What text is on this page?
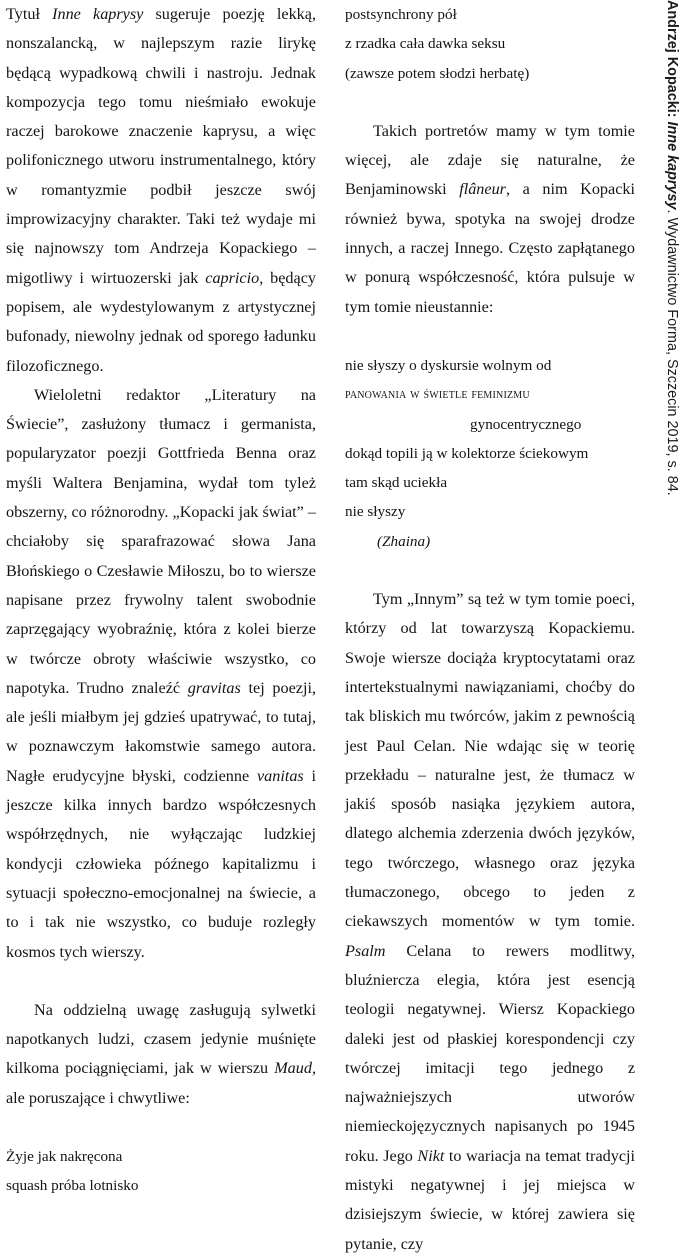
Tytuł Inne kaprysy sugeruje poezję lekką, nonszalancką, w najlepszym razie lirykę będącą wypadkową chwili i nastroju. Jednak kompozycja tego tomu nieśmiało ewokuje raczej barokowe znaczenie kaprysu, a więc polifonicznego utworu instrumentalnego, który w romantyzmie podbił jeszcze swój improwizacyjny charakter. Taki też wydaje mi się najnowszy tom Andrzeja Kopackiego – migotliwy i wirtuozerski jak capricio, będący popisem, ale wydestylowanym z artystycznej bufonady, niewolny jednak od sporego ładunku filozoficznego.

Wieloletni redaktor „Literatury na Świecie”, zasłużony tłumacz i germanista, popularyzator poezji Gottfrieda Benna oraz myśli Waltera Benjamina, wydał tom tyleż obszerny, co różnorodny. „Kopacki jak świat” – chciałoby się sparafrazować słowa Jana Błońskiego o Czesławie Miłoszu, bo to wiersze napisane przez frywolny talent swobodnie zaprzęgający wyobraźnię, która z kolei bierze w twórcze obroty właściwie wszystko, co napotyka. Trudno znaleźć gravitas tej poezji, ale jeśli miałbym jej gdzieś upatrywać, to tutaj, w poznawczym łakomstwie samego autora. Nagłe erudycyjne błyski, codzienne vanitas i jeszcze kilka innych bardzo współczesnych współrzędnych, nie wyłączając ludzkiej kondycji człowieka późnego kapitalizmu i sytuacji społeczno-emocjonalnej na świecie, a to i tak nie wszystko, co buduje rozległy kosmos tych wierszy.

Na oddzielną uwagę zasługują sylwetki napotkanych ludzi, czasem jedynie muśnięte kilkoma pociągnięciami, jak w wierszu Maud, ale poruszające i chwytliwe:

Żyje jak nakręcona
squash próba lotnisko
postsynchrony pół
z rzadka cała dawka seksu
(zawsze potem słodzi herbatę)

Takich portretów mamy w tym tomie więcej, ale zdaje się naturalne, że Benjaminowski flâneur, a nim Kopacki również bywa, spotyka na swojej drodze innych, a raczej Innego. Często zapłątanego w ponurą współczesność, która pulsuje w tym tomie nieustannie:

nie słyszy o dyskursie wolnym od
panowania w świetle feminizmu
gynocentrycznego
dokąd topili ją w kolektorze ściekowym
tam skąd uciekła
nie słyszy
(Zhaina)

Tym „Innym” są też w tym tomie poeci, którzy od lat towarzyszą Kopackiemu. Swoje wiersze dociąża kryptocytatami oraz intertekstualnymi nawiązaniami, choćby do tak bliskich mu twórców, jakim z pewnością jest Paul Celan. Nie wdając się w teorię przekładu – naturalne jest, że tłumacz w jakiś sposób nasiąka językiem autora, dlatego alchemia zderzenia dwóch języków, tego twórczego, własnego oraz języka tłumaczonego, obcego to jeden z ciekawszych momentów w tym tomie. Psalm Celana to rewers modlitwy, bluźniercza elegia, która jest esencją teologii negatywnej. Wiersz Kopackiego daleki jest od płaskiej korespondencji czy twórczej imitacji tego jednego z najważniejszych utworów niemieckojęzycznych napisanych po 1945 roku. Jego Nikt to wariacja na temat tradycji mistyki negatywnej i jej miejsca w dzisiejszym świecie, w której zawiera się pytanie, czy

Andrzej Kopacki: Inne kaprysy. Wydawnictwo Forma, Szczecin 2019, s. 84.
